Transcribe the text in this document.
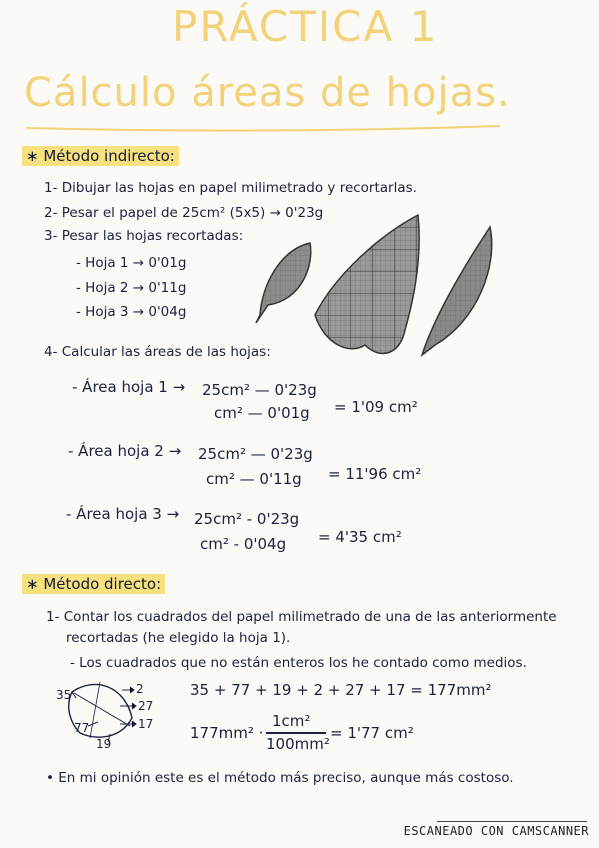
PRÁCTICA 1
Cálculo áreas de hojas.
∗ Método indirecto:
1- Dibujar las hojas en papel milimetrado y recortarlas.
2- Pesar el papel de 25cm² (5x5) → 0'23g
3- Pesar las hojas recortadas:
- Hoja 1 → 0'01g
- Hoja 2 → 0'11g
- Hoja 3 → 0'04g
4- Calcular las áreas de las hojas:
- Área hoja 1 → 25cm² — 0'23g
cm² — 0'01g = 1'09 cm²
- Área hoja 2 → 25cm² — 0'23g
cm² — 0'11g = 11'96 cm²
- Área hoja 3 → 25cm² - 0'23g
cm² - 0'04g = 4'35 cm²
∗ Método directo:
1- Contar los cuadrados del papel milimetrado de una de las anteriormente
recortadas (he elegido la hoja 1).
- Los cuadrados que no están enteros los he contado como medios.
35	2
27
77	17
19
35 + 77 + 19 + 2 + 27 + 17 = 177mm²
177mm² ·
1cm²
100mm²
= 1'77 cm²
• En mi opinión este es el método más preciso, aunque más costoso.
ESCANEADO CON CAMSCANNER
